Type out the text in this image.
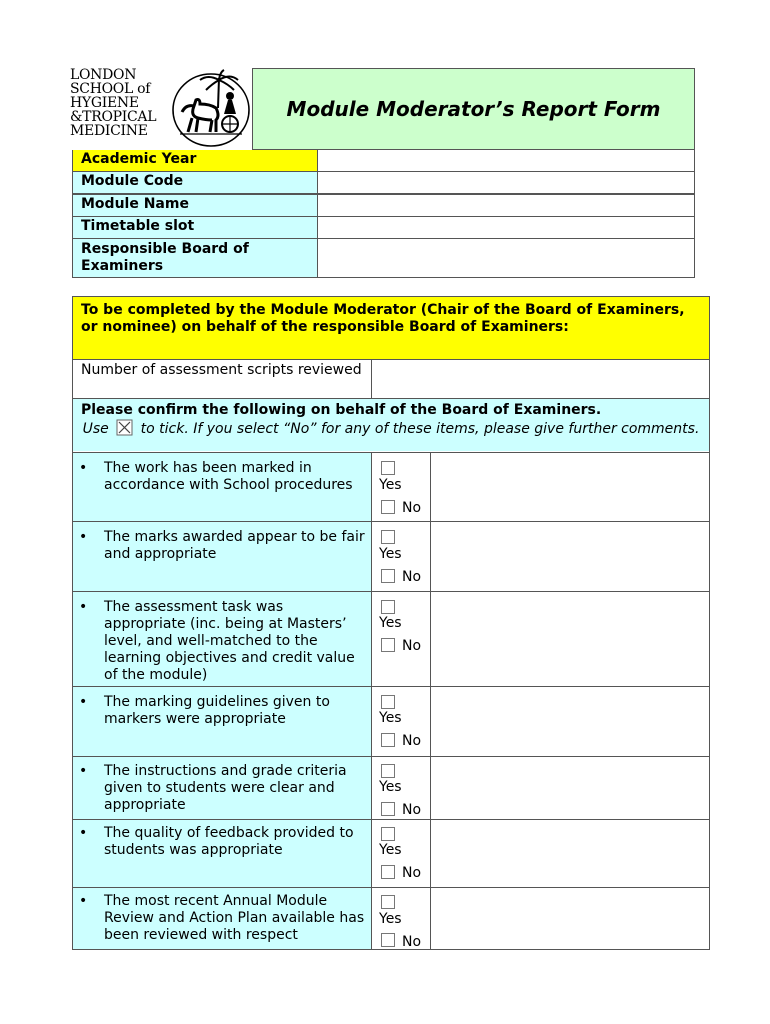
LONDON
SCHOOL of
HYGIENE
&TROPICAL
MEDICINE
Module Moderator’s Report Form
Academic Year
Module Code
Module Name
Timetable slot
Responsible Board of Examiners
To be completed by the Module Moderator (Chair of the Board of Examiners, or nominee) on behalf of the responsible Board of Examiners:
Number of assessment scripts reviewed
Please confirm the following on behalf of the Board of Examiners.
Use to tick. If you select “No” for any of these items, please give further comments.
• The work has been marked in accordance with School procedures	Yes
No
• The marks awarded appear to be fair and appropriate	Yes
No
• The assessment task was appropriate (inc. being at Masters’ level, and well-matched to the learning objectives and credit value of the module)
Yes
No
• The marking guidelines given to markers were appropriate	Yes
No
• The instructions and grade criteria given to students were clear and appropriate
Yes
No
• The quality of feedback provided to students was appropriate	Yes
No
• The most recent Annual Module Review and Action Plan available has been reviewed with respect
Yes
No
